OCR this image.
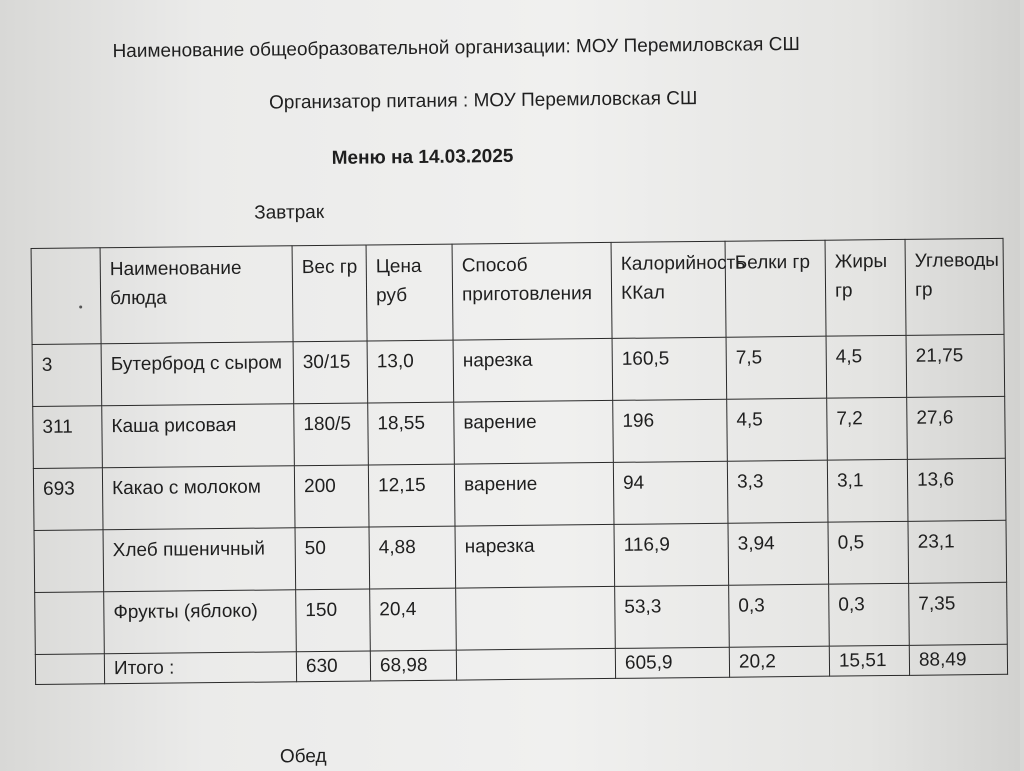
Наименование общеобразовательной организации: МОУ Перемиловская СШ
Организатор питания : МОУ Перемиловская СШ
Меню на 14.03.2025
Завтрак
	Наименование блюда	Вес гр	Цена руб	Способ приготовления	Калорийность ККал	Белки гр	Жиры гр	Углеводы гр
3	Бутерброд с сыром	30/15	13,0	нарезка	160,5	7,5	4,5	21,75
311	Каша рисовая	180/5	18,55	варение	196	4,5	7,2	27,6
693	Какао с молоком	200	12,15	варение	94	3,3	3,1	13,6
	Хлеб пшеничный	50	4,88	нарезка	116,9	3,94	0,5	23,1
	Фрукты (яблоко)	150	20,4		53,3	0,3	0,3	7,35
	Итого :	630	68,98		605,9	20,2	15,51	88,49
Обед
